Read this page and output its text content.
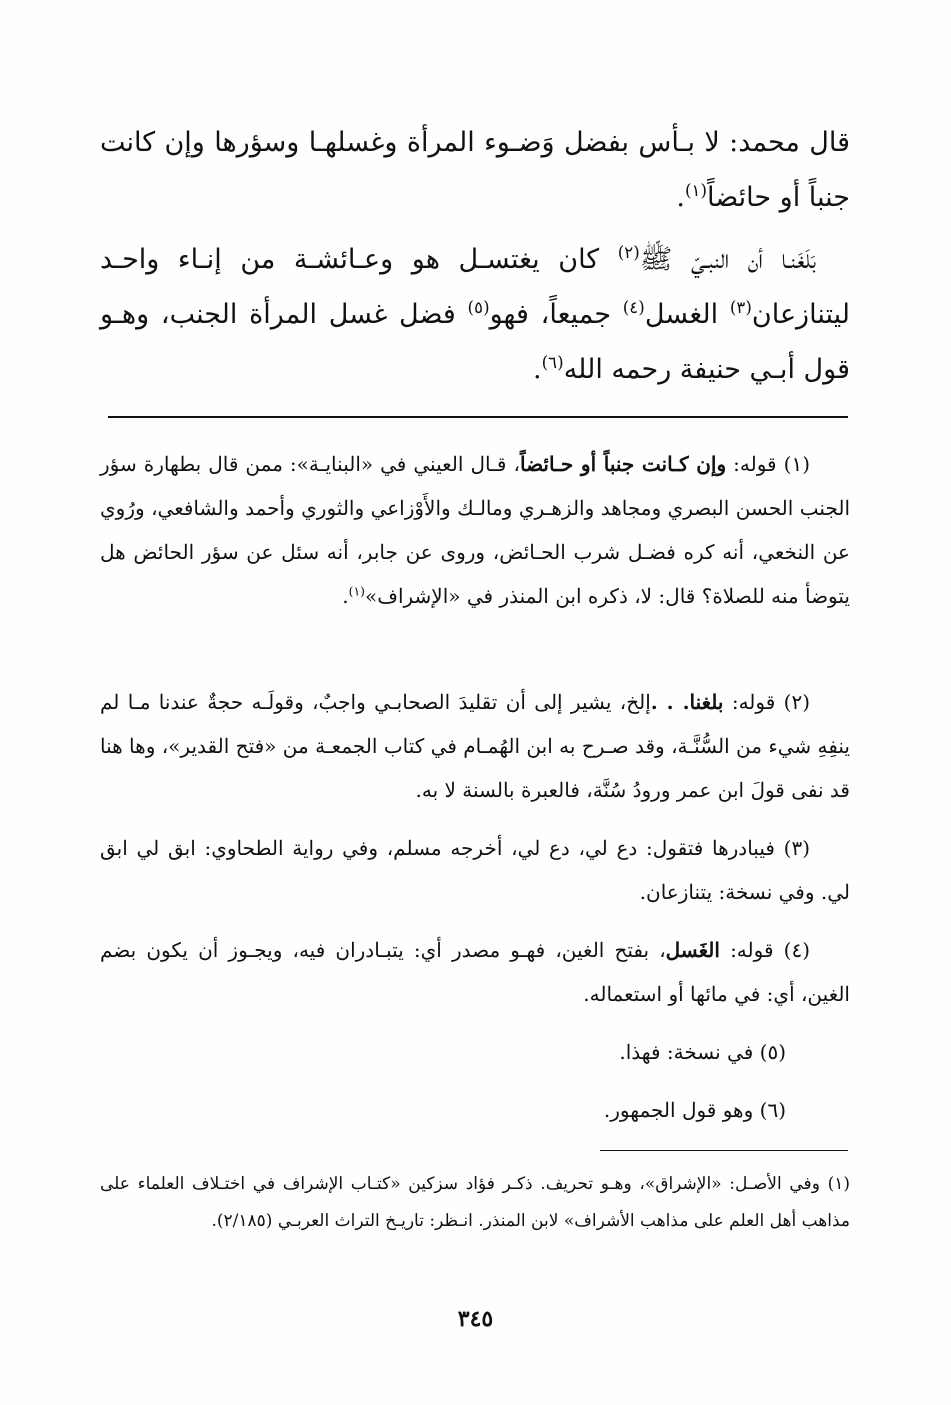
قال محمد: لا بـأس بفضل وَضـوء المرأة وغسلهـا وسؤرها وإن كانت جنباً أو حائضاً$^{(١)}$.

بَلَغَنـا أن النبـيّ ﷺ$^{(٢)}$ كان يغتسـل هو وعـائشـة من إنـاء واحـد ليتنازعان$^{(٣)}$ الغسل$^{(٤)}$ جميعاً، فهو$^{(٥)}$ فضل غسل المرأة الجنب، وهـو قول أبـي حنيفة رحمه الله$^{(٦)}$.

(١) قوله: وإن كـانت جنباً أو حـائضاً، قـال العيني في «البنايـة»: ممن قال بطهارة سؤر الجنب الحسن البصري ومجاهد والزهـري ومالـك والأَوْزاعي والثوري وأحمد والشافعي، ورُوي عن النخعي، أنه كره فضـل شرب الحـائض، وروى عن جابر، أنه سئل عن سؤر الحائض هل يتوضأ منه للصلاة؟ قال: لا، ذكره ابن المنذر في «الإشراف»$^{(١)}$.

(٢) قوله: بلغنا. . .إلخ، يشير إلى أن تقليدَ الصحابـي واجبٌ، وقولَـه حجةٌ عندنا مـا لم ينفِهِ شيء من السُّنَّـة، وقد صـرح به ابن الهُمـام في كتاب الجمعـة من «فتح القدير»، وها هنا قد نفى قولَ ابن عمر ورودُ سُنَّة، فالعبرة بالسنة لا به.

(٣) فيبادرها فتقول: دع لي، دع لي، أخرجه مسلم، وفي رواية الطحاوي: ابق لي ابق لي. وفي نسخة: يتنازعان.

(٤) قوله: الغَسل، بفتح الغين، فهـو مصدر أي: يتبـادران فيه، ويجـوز أن يكون بضم الغين، أي: في مائها أو استعماله.

(٥) في نسخة: فهذا.

(٦) وهو قول الجمهور.

(١) وفي الأصـل: «الإشراق»، وهـو تحريف. ذكـر فؤاد سزكين «كتـاب الإشراف في اختـلاف العلماء على مذاهب أهل العلم على مذاهب الأشراف» لابن المنذر. انـظر: تاريـخ التراث العربـي (٢/١٨٥).

٣٤٥
